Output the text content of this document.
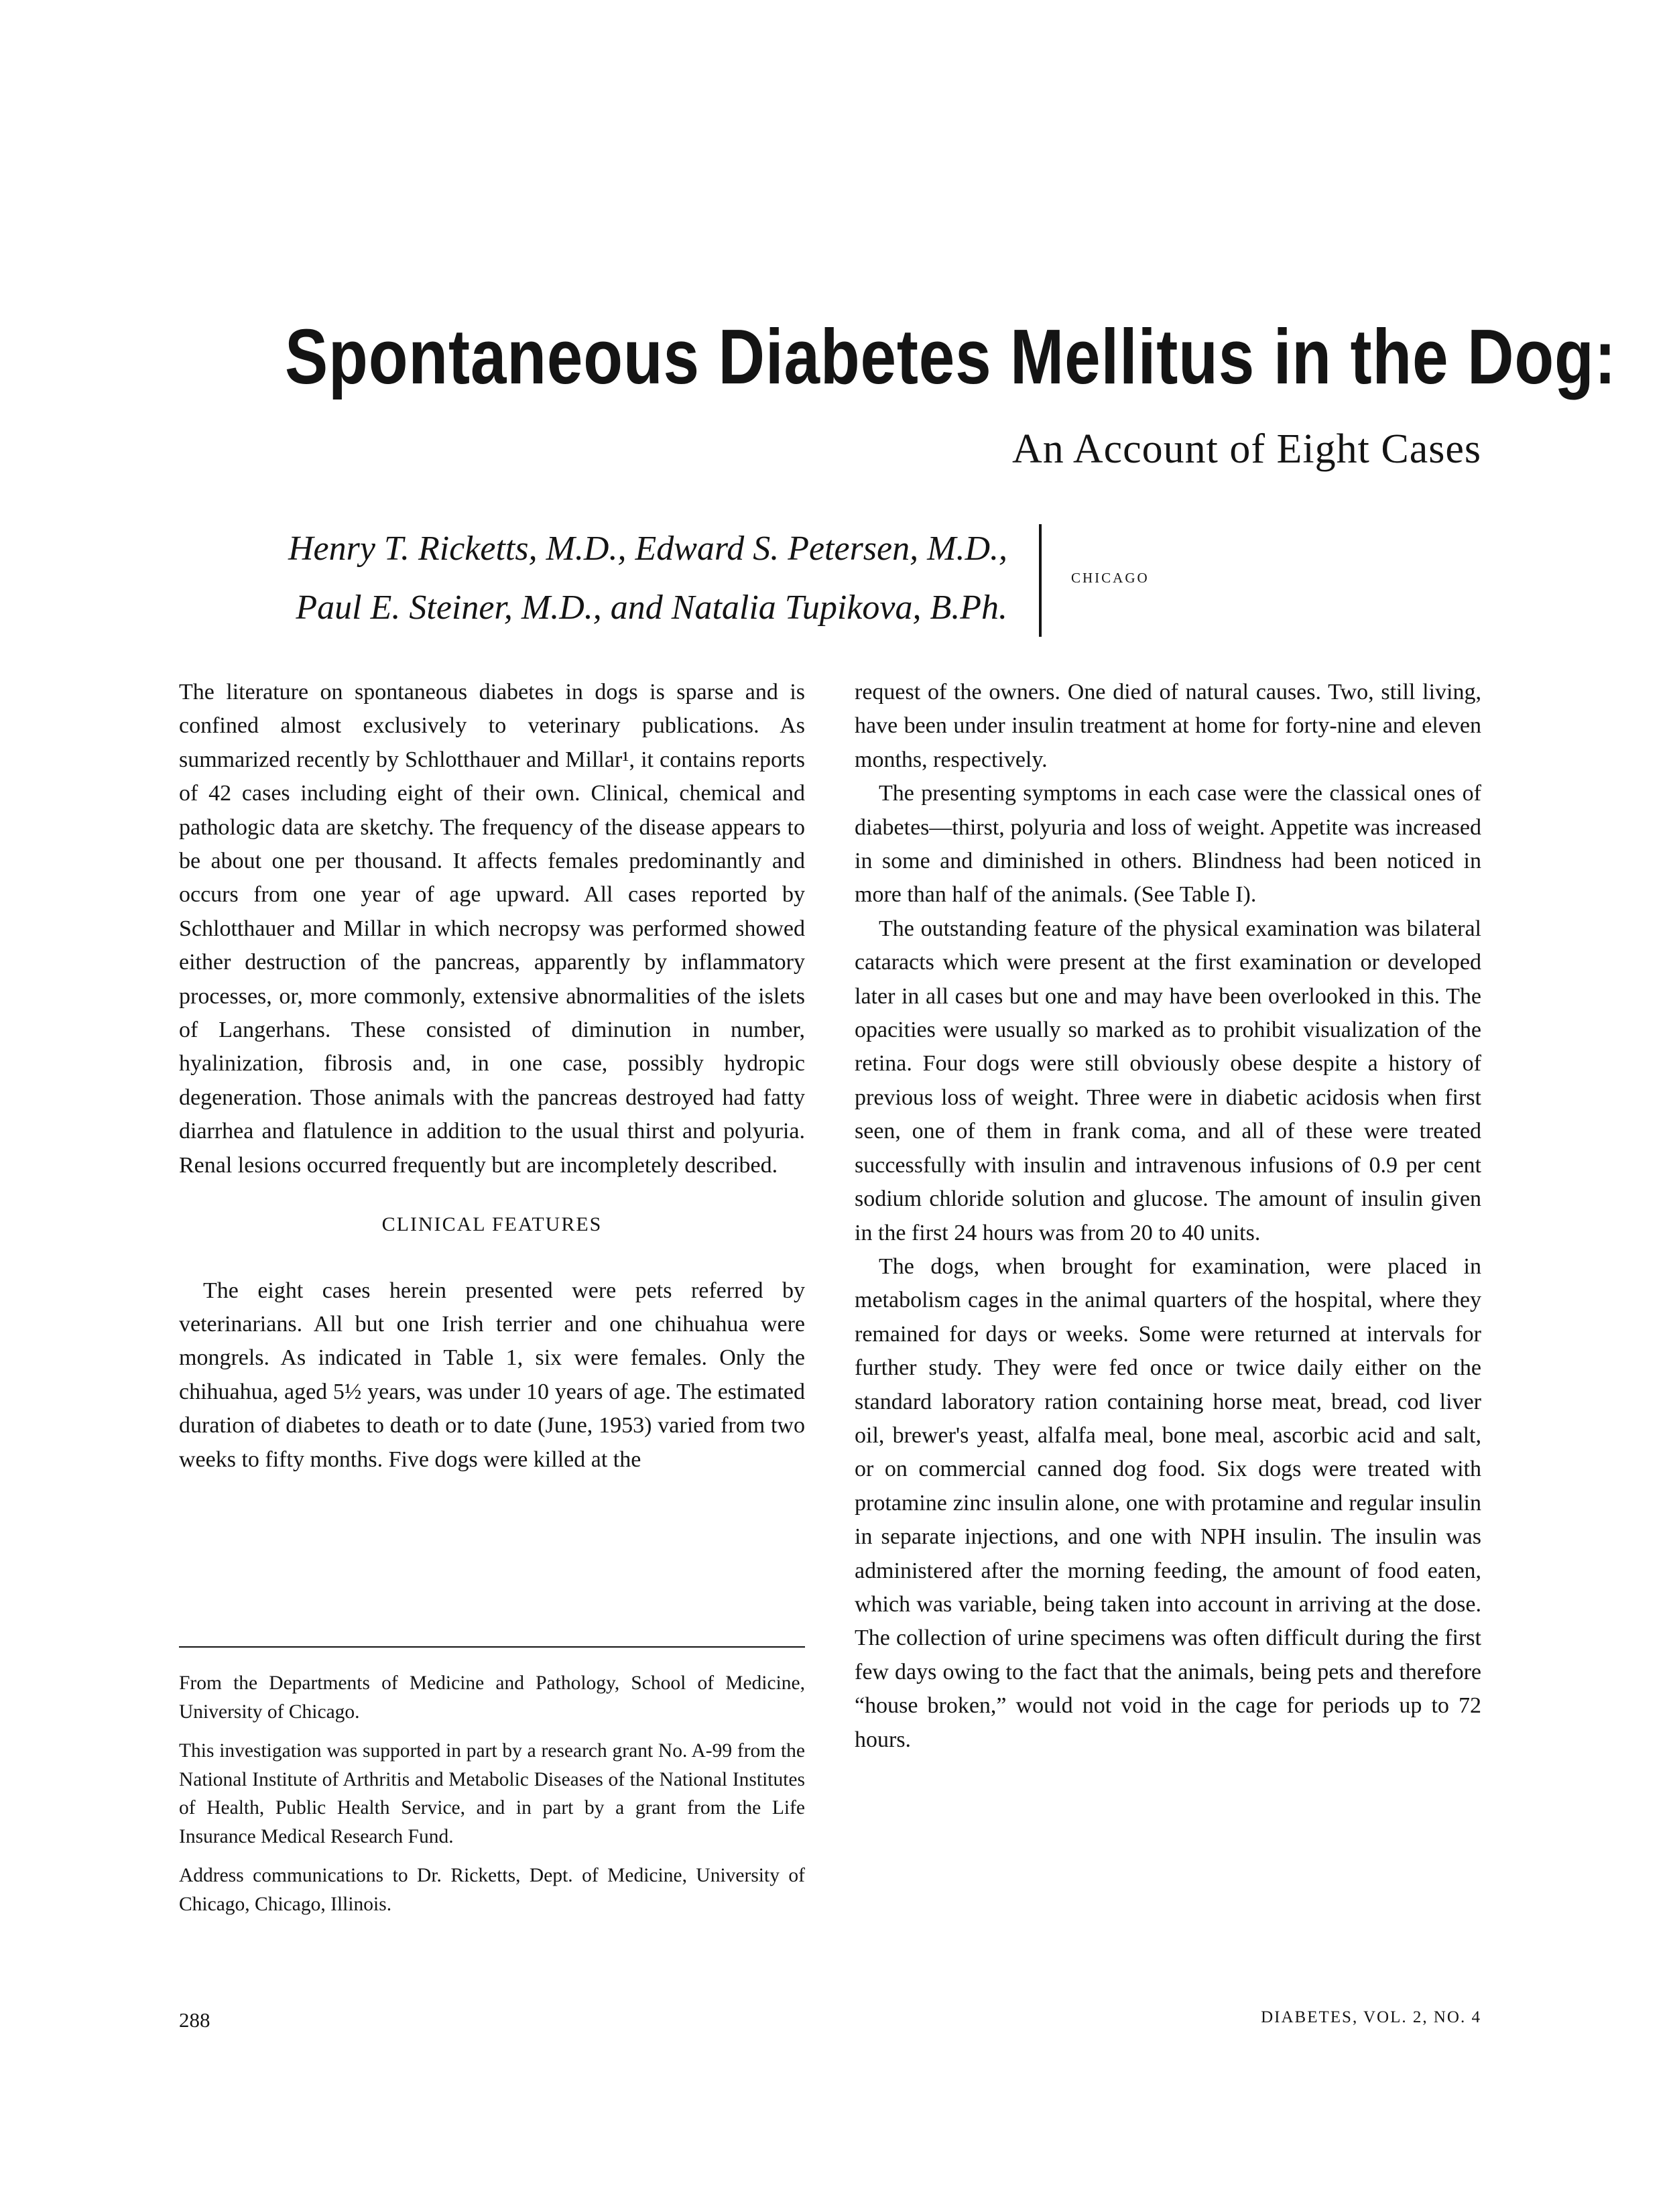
Spontaneous Diabetes Mellitus in the Dog:
An Account of Eight Cases
Henry T. Ricketts, M.D., Edward S. Petersen, M.D.,
Paul E. Steiner, M.D., and Natalia Tupikova, B.Ph.
CHICAGO

The literature on spontaneous diabetes in dogs is sparse and is confined almost exclusively to veterinary publications. As summarized recently by Schlotthauer and Millar¹, it contains reports of 42 cases including eight of their own. Clinical, chemical and pathologic data are sketchy. The frequency of the disease appears to be about one per thousand. It affects females predominantly and occurs from one year of age upward. All cases reported by Schlotthauer and Millar in which necropsy was performed showed either destruction of the pancreas, apparently by inflammatory processes, or, more commonly, extensive abnormalities of the islets of Langerhans. These consisted of diminution in number, hyalinization, fibrosis and, in one case, possibly hydropic degeneration. Those animals with the pancreas destroyed had fatty diarrhea and flatulence in addition to the usual thirst and polyuria. Renal lesions occurred frequently but are incompletely described.

CLINICAL FEATURES

The eight cases herein presented were pets referred by veterinarians. All but one Irish terrier and one chihuahua were mongrels. As indicated in Table 1, six were females. Only the chihuahua, aged 5½ years, was under 10 years of age. The estimated duration of diabetes to death or to date (June, 1953) varied from two weeks to fifty months. Five dogs were killed at the

request of the owners. One died of natural causes. Two, still living, have been under insulin treatment at home for forty-nine and eleven months, respectively.

The presenting symptoms in each case were the classical ones of diabetes—thirst, polyuria and loss of weight. Appetite was increased in some and diminished in others. Blindness had been noticed in more than half of the animals. (See Table I).

The outstanding feature of the physical examination was bilateral cataracts which were present at the first examination or developed later in all cases but one and may have been overlooked in this. The opacities were usually so marked as to prohibit visualization of the retina. Four dogs were still obviously obese despite a history of previous loss of weight. Three were in diabetic acidosis when first seen, one of them in frank coma, and all of these were treated successfully with insulin and intravenous infusions of 0.9 per cent sodium chloride solution and glucose. The amount of insulin given in the first 24 hours was from 20 to 40 units.

The dogs, when brought for examination, were placed in metabolism cages in the animal quarters of the hospital, where they remained for days or weeks. Some were returned at intervals for further study. They were fed once or twice daily either on the standard laboratory ration containing horse meat, bread, cod liver oil, brewer's yeast, alfalfa meal, bone meal, ascorbic acid and salt, or on commercial canned dog food. Six dogs were treated with protamine zinc insulin alone, one with protamine and regular insulin in separate injections, and one with NPH insulin. The insulin was administered after the morning feeding, the amount of food eaten, which was variable, being taken into account in arriving at the dose. The collection of urine specimens was often difficult during the first few days owing to the fact that the animals, being pets and therefore “house broken,” would not void in the cage for periods up to 72 hours.

From the Departments of Medicine and Pathology, School of Medicine, University of Chicago.

This investigation was supported in part by a research grant No. A-99 from the National Institute of Arthritis and Metabolic Diseases of the National Institutes of Health, Public Health Service, and in part by a grant from the Life Insurance Medical Research Fund.

Address communications to Dr. Ricketts, Dept. of Medicine, University of Chicago, Chicago, Illinois.

288	DIABETES, VOL. 2, NO. 4
